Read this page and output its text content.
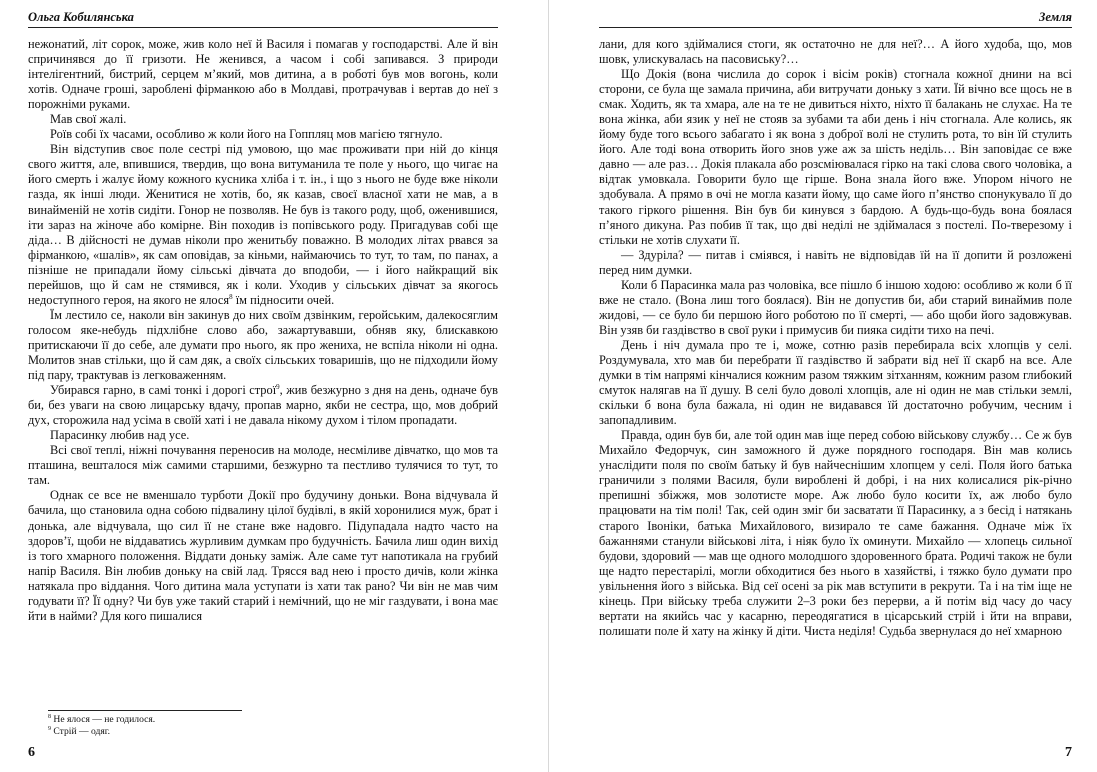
Ольга Кобилянська

нежонатий, літ сорок, може, жив коло неї й Василя і помагав у господарстві. Але й він спричинявся до її гризоти. Не женився, а часом і собі запивався. З природи інтелігентний, бистрий, серцем м’який, мов дитина, а в роботі був мов вогонь, коли хотів. Одначе гроші, зароблені фірманкою або в Молдаві, протрачував і вертав до неї з порожніми руками.

Мав свої жалі.

Роїв собі їх часами, особливо ж коли його на Гоппляц мов магією тягнуло.

Він відступив своє поле сестрі під умовою, що має проживати при ній до кінця свого життя, але, впившися, твердив, що вона витуманила те поле у нього, що чигає на його смерть і жалує йому кожного кусника хліба і т. ін., і що з нього не буде вже ніколи газда, як інші люди. Женитися не хотів, бо, як казав, своєї власної хати не мав, а в винайменій не хотів сидіти. Гонор не позволяв. Не був із такого роду, щоб, оженившися, іти зараз на жіноче або комірне. Він походив із попівського роду. Пригадував собі ще діда… В дійсності не думав ніколи про женитьбу поважно. В молодих літах рвався за фірманкою, «шалів», як сам оповідав, за кіньми, наймаючись то тут, то там, по панах, а пізніше не припадали йому сільські дівчата до вподоби, — і його найкращий вік перейшов, що й сам не стямився, як і коли. Уходив у сільських дівчат за якогось недоступного героя, на якого не ялося$^8$ їм підносити очей.

Їм лестило се, наколи він закинув до них своїм дзвінким, геройським, далекосяглим голосом яке-небудь підхлібне слово або, зажартувавши, обняв яку, блискавкою притискаючи її до себе, але думати про нього, як про жениха, не вспіла ніколи ні одна. Молитов знав стільки, що й сам дяк, а своїх сільських товаришів, що не підходили йому під пару, трактував із легковаженням.

Убирався гарно, в самі тонкі і дорогі строї$^9$, жив безжурно з дня на день, одначе був би, без уваги на свою лицарську вдачу, пропав марно, якби не сестра, що, мов добрий дух, сторожила над усіма в своїй хаті і не давала нікому духом і тілом пропадати.

Парасинку любив над усе.

Всі свої теплі, ніжні почування переносив на молоде, несміливе дівчатко, що мов та пташина, вешталося між самими старшими, безжурно та пестливо тулячися то тут, то там.

Однак се все не вменшало турботи Докії про будучину доньки. Вона відчувала й бачила, що становила одна собою підвалину цілої будівлі, в якій хоронилися муж, брат і донька, але відчувала, що сил її не стане вже надовго. Підупадала надто часто на здоров’ї, щоби не віддаватись журливим думкам про будучність. Бачила лиш один вихід із того хмарного положення. Віддати доньку заміж. Але саме тут напотикала на грубий напір Василя. Він любив доньку на свій лад. Трясся вад нею і просто дичів, коли жінка натякала про віддання. Чого дитина мала уступати із хати так рано? Чи він не мав чим годувати її? Її одну? Чи був уже такий старий і немічний, що не міг газдувати, і вона має йти в найми? Для кого пишалися

$^8$ Не ялося — не годилося.
$^9$ Стрій — одяг.
6
Земля

лани, для кого здіймалися стоги, як остаточно не для неї?… А його худоба, що, мов шовк, улискувалась на пасовиську?…

Що Докія (вона числила до сорок і вісім років) стогнала кожної днини на всі сторони, се була ще замала причина, аби витручати доньку з хати. Їй вічно все щось не в смак. Ходить, як та хмара, але на те не дивиться ніхто, ніхто її балакань не слухає. На те вона жінка, аби язик у неї не стояв за зубами та аби день і ніч стогнала. Але колись, як йому буде того всього забагато і як вона з доброї волі не стулить рота, то він їй стулить його. Але тоді вона отворить його знов уже аж за шість неділь… Він заповідає се вже давно — але раз… Докія плакала або розсміювалася гірко на такі слова свого чоловіка, а відтак умовкала. Говорити було ще гірше. Вона знала його вже. Упором нічого не здобувала. А прямо в очі не могла казати йому, що саме його п’янство спонукувало її до такого гіркого рішення. Він був би кинувся з бардою. А будь-що-будь вона боялася п’яного дикуна. Раз побив її так, що дві неділі не здіймалася з постелі. По-тверезому і стільки не хотів слухати її.

— Здуріла? — питав і сміявся, і навіть не відповідав їй на її допити й розложені перед ним думки.

Коли б Парасинка мала раз чоловіка, все пішло б іншою ходою: особливо ж коли б її вже не стало. (Вона лиш того боялася). Він не допустив би, аби старий винаймив поле жидові, — се було би першою його роботою по її смерті, — або щоби його задовжував. Він узяв би газдівство в свої руки і примусив би пияка сидіти тихо на печі.

День і ніч думала про те і, може, сотню разів перебирала всіх хлопців у селі. Роздумувала, хто мав би перебрати її газдівство й забрати від неї її скарб на все. Але думки в тім напрямі кінчалися кожним разом тяжким зітханням, кожним разом глибокий смуток налягав на її душу. В селі було доволі хлопців, але ні один не мав стільки землі, скільки б вона була бажала, ні один не видавався їй достаточно робучим, чесним і запопадливим.

Правда, один був би, але той один мав іще перед собою військову службу… Се ж був Михайло Федорчук, син заможного й дуже порядного господаря. Він мав колись унаслідити поля по своїм батьку й був найчеснішим хлопцем у селі. Поля його батька граничили з полями Василя, були вироблені й добрі, і на них колисалися рік-річно препишні збіжжя, мов золотисте море. Аж любо було косити їх, аж любо було працювати на тім полі! Так, сей один зміг би засватати її Парасинку, а з бесід і натякань старого Івоніки, батька Михайлового, визирало те саме бажання. Одначе між їх бажаннями станули військові літа, і ніяк було їх оминути. Михайло — хлопець сильної будови, здоровий — мав ще одного молодшого здоровенного брата. Родичі також не були ще надто перестарілі, могли обходитися без нього в хазяйстві, і тяжко було думати про увільнення його з війська. Від сеї осені за рік мав вступити в рекрути. Та і на тім іще не кінець. При війську треба служити 2–3 роки без перерви, а й потім від часу до часу вертати на якийсь час у касарню, переодягатися в цісарський стрій і йти на вправи, полишати поле й хату на жінку й діти. Чиста неділя! Судьба звернулася до неї хмарною

7
